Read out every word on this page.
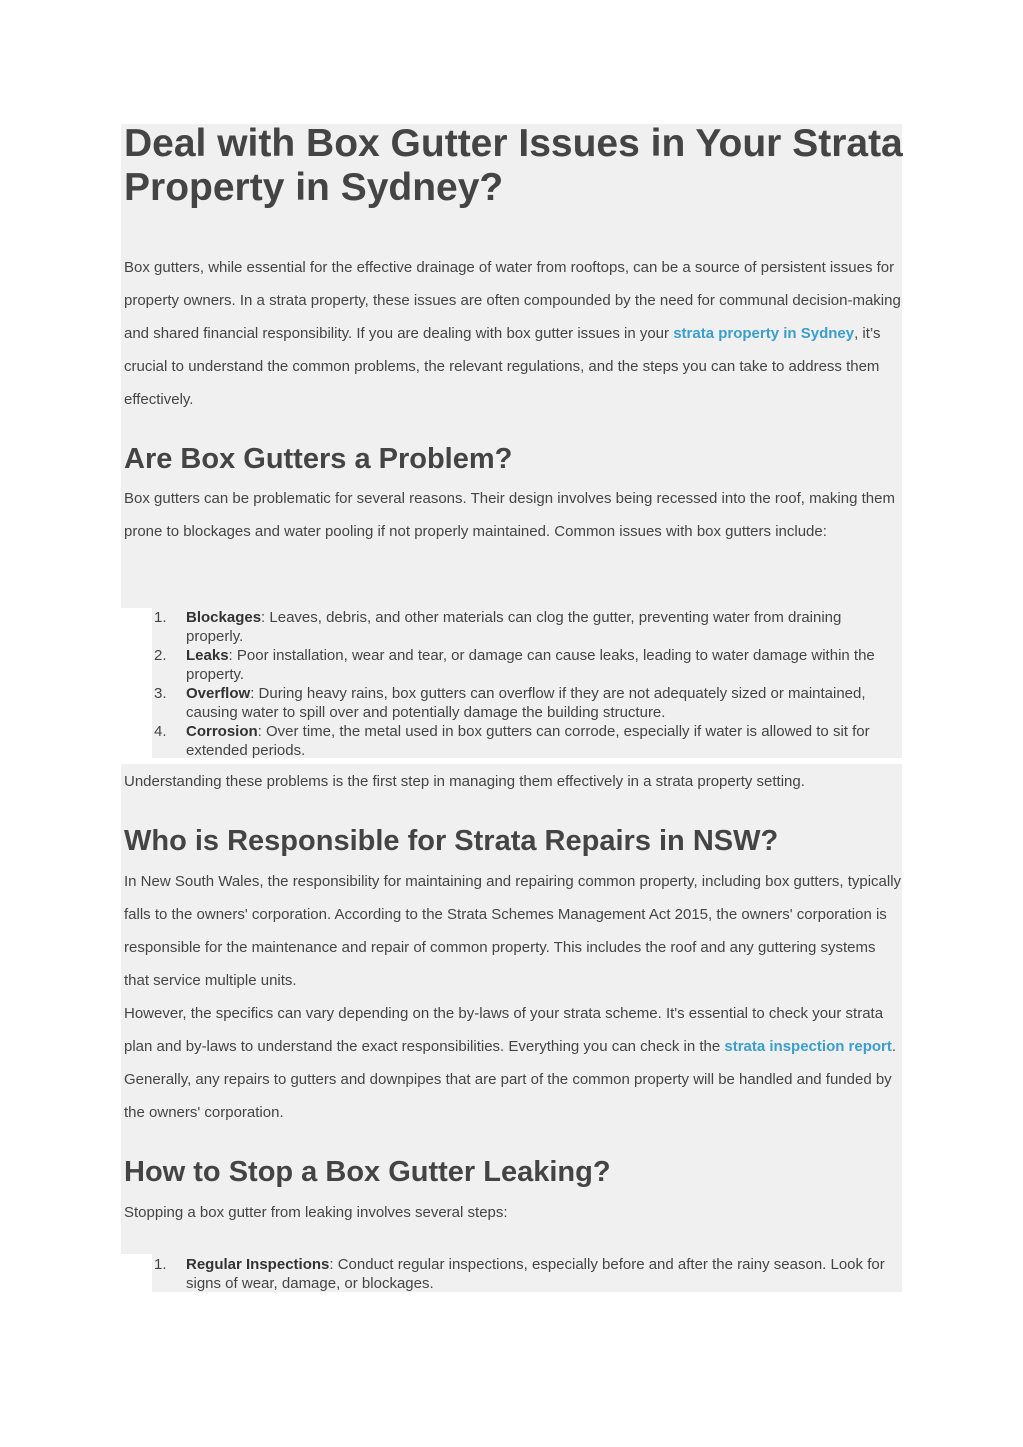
Deal with Box Gutter Issues in Your Strata Property in Sydney?

Box gutters, while essential for the effective drainage of water from rooftops, can be a source of persistent issues for property owners. In a strata property, these issues are often compounded by the need for communal decision-making and shared financial responsibility. If you are dealing with box gutter issues in your strata property in Sydney, it’s crucial to understand the common problems, the relevant regulations, and the steps you can take to address them effectively.

Are Box Gutters a Problem?

Box gutters can be problematic for several reasons. Their design involves being recessed into the roof, making them prone to blockages and water pooling if not properly maintained. Common issues with box gutters include:

1. Blockages: Leaves, debris, and other materials can clog the gutter, preventing water from draining properly.
2. Leaks: Poor installation, wear and tear, or damage can cause leaks, leading to water damage within the property.
3. Overflow: During heavy rains, box gutters can overflow if they are not adequately sized or maintained, causing water to spill over and potentially damage the building structure.
4. Corrosion: Over time, the metal used in box gutters can corrode, especially if water is allowed to sit for extended periods.

Understanding these problems is the first step in managing them effectively in a strata property setting.

Who is Responsible for Strata Repairs in NSW?

In New South Wales, the responsibility for maintaining and repairing common property, including box gutters, typically falls to the owners' corporation. According to the Strata Schemes Management Act 2015, the owners' corporation is responsible for the maintenance and repair of common property. This includes the roof and any guttering systems that service multiple units.

However, the specifics can vary depending on the by-laws of your strata scheme. It's essential to check your strata plan and by-laws to understand the exact responsibilities. Everything you can check in the strata inspection report. Generally, any repairs to gutters and downpipes that are part of the common property will be handled and funded by the owners' corporation.

How to Stop a Box Gutter Leaking?

Stopping a box gutter from leaking involves several steps:

1. Regular Inspections: Conduct regular inspections, especially before and after the rainy season. Look for signs of wear, damage, or blockages.
